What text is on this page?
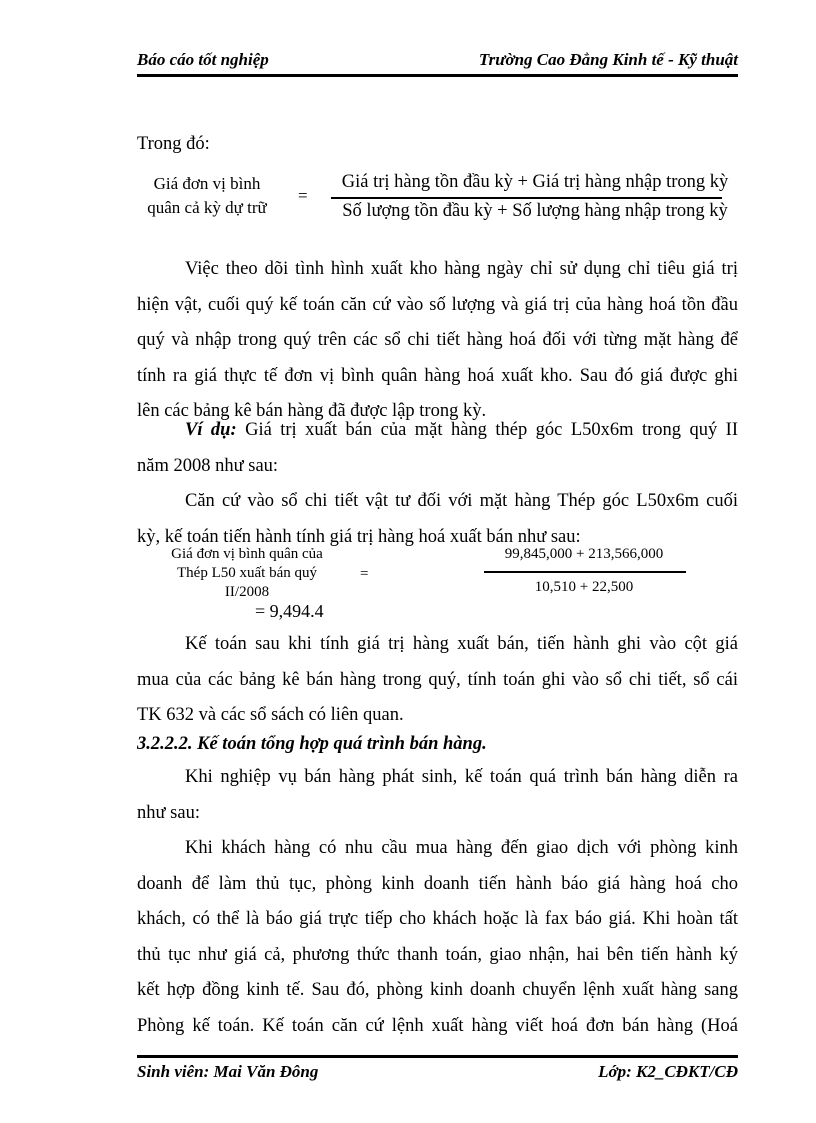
Báo cáo tốt nghiệp	Trường Cao Đẳng Kinh tế - Kỹ thuật
Trong đó:
Giá đơn vị bình
quân cả kỳ dự trữ
=
Giá trị hàng tồn đầu kỳ + Giá trị hàng nhập trong kỳ
Số lượng tồn đầu kỳ + Số lượng hàng nhập trong kỳ
Việc theo dõi tình hình xuất kho hàng ngày chỉ sử dụng chỉ tiêu giá trị
hiện vật, cuối quý kế toán căn cứ vào số lượng và giá trị của hàng hoá tồn đầu
quý và nhập trong quý trên các sổ chi tiết hàng hoá đối với từng mặt hàng để
tính ra giá thực tế đơn vị bình quân hàng hoá xuất kho. Sau đó giá được ghi
lên các bảng kê bán hàng đã được lập trong kỳ.
Ví dụ: Giá trị xuất bán của mặt hàng thép góc L50x6m trong quý II
năm 2008 như sau:
Căn cứ vào sổ chi tiết vật tư đối với mặt hàng Thép góc L50x6m cuối
kỳ, kế toán tiến hành tính giá trị hàng hoá xuất bán như sau:
Giá đơn vị bình quân của
Thép L50 xuất bán quý
II/2008
=
99,845,000 + 213,566,000
10,510 + 22,500
= 9,494.4
Kế toán sau khi tính giá trị hàng xuất bán, tiến hành ghi vào cột giá
mua của các bảng kê bán hàng trong quý, tính toán ghi vào sổ chi tiết, sổ cái
TK 632 và các sổ sách có liên quan.
3.2.2.2. Kế toán tổng hợp quá trình bán hàng.
Khi nghiệp vụ bán hàng phát sinh, kế toán quá trình bán hàng diễn ra
như sau:
Khi khách hàng có nhu cầu mua hàng đến giao dịch với phòng kinh
doanh để làm thủ tục, phòng kinh doanh tiến hành báo giá hàng hoá cho
khách, có thể là báo giá trực tiếp cho khách hoặc là fax báo giá. Khi hoàn tất
thủ tục như giá cả, phương thức thanh toán, giao nhận, hai bên tiến hành ký
kết hợp đồng kinh tế. Sau đó, phòng kinh doanh chuyển lệnh xuất hàng sang
Phòng kế toán. Kế toán căn cứ lệnh xuất hàng viết hoá đơn bán hàng (Hoá
Sinh viên: Mai Văn Đông	Lớp: K2_CĐKT/CĐ
